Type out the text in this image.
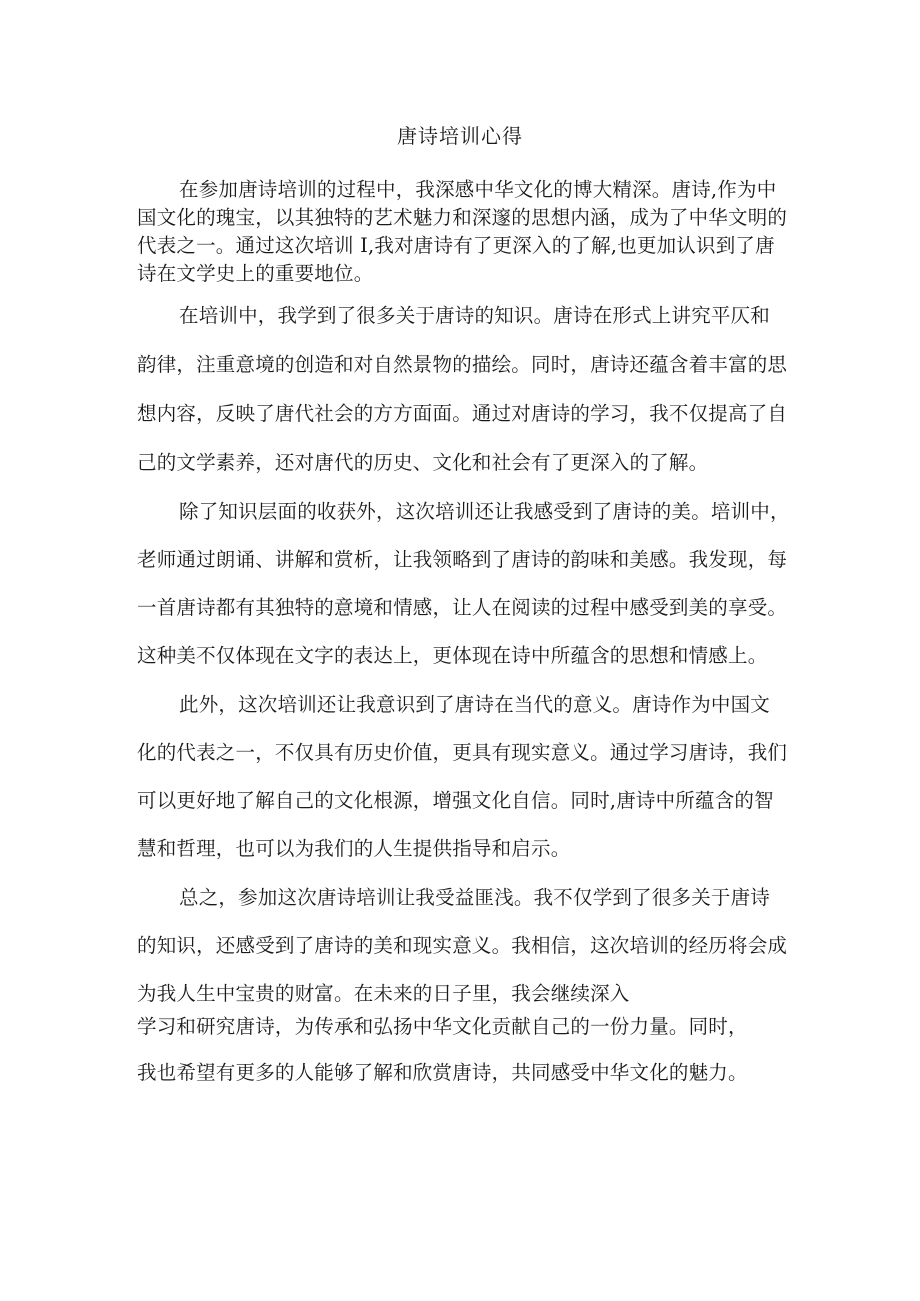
唐诗培训心得
在参加唐诗培训的过程中，我深感中华文化的博大精深。唐诗,作为中
国文化的瑰宝，以其独特的艺术魅力和深邃的思想内涵，成为了中华文明的
代表之一。通过这次培训 I,我对唐诗有了更深入的了解,也更加认识到了唐
诗在文学史上的重要地位。
在培训中，我学到了很多关于唐诗的知识。唐诗在形式上讲究平仄和
韵律，注重意境的创造和对自然景物的描绘。同时，唐诗还蕴含着丰富的思
想内容，反映了唐代社会的方方面面。通过对唐诗的学习，我不仅提高了自
己的文学素养，还对唐代的历史、文化和社会有了更深入的了解。
除了知识层面的收获外，这次培训还让我感受到了唐诗的美。培训中，
老师通过朗诵、讲解和赏析，让我领略到了唐诗的韵味和美感。我发现，每
一首唐诗都有其独特的意境和情感，让人在阅读的过程中感受到美的享受。
这种美不仅体现在文字的表达上，更体现在诗中所蕴含的思想和情感上。
此外，这次培训还让我意识到了唐诗在当代的意义。唐诗作为中国文
化的代表之一，不仅具有历史价值，更具有现实意义。通过学习唐诗，我们
可以更好地了解自己的文化根源，增强文化自信。同时,唐诗中所蕴含的智
慧和哲理，也可以为我们的人生提供指导和启示。
总之，参加这次唐诗培训让我受益匪浅。我不仅学到了很多关于唐诗
的知识，还感受到了唐诗的美和现实意义。我相信，这次培训的经历将会成
为我人生中宝贵的财富。在未来的日子里，我会继续深入
学习和研究唐诗，为传承和弘扬中华文化贡献自己的一份力量。同时，
我也希望有更多的人能够了解和欣赏唐诗，共同感受中华文化的魅力。
